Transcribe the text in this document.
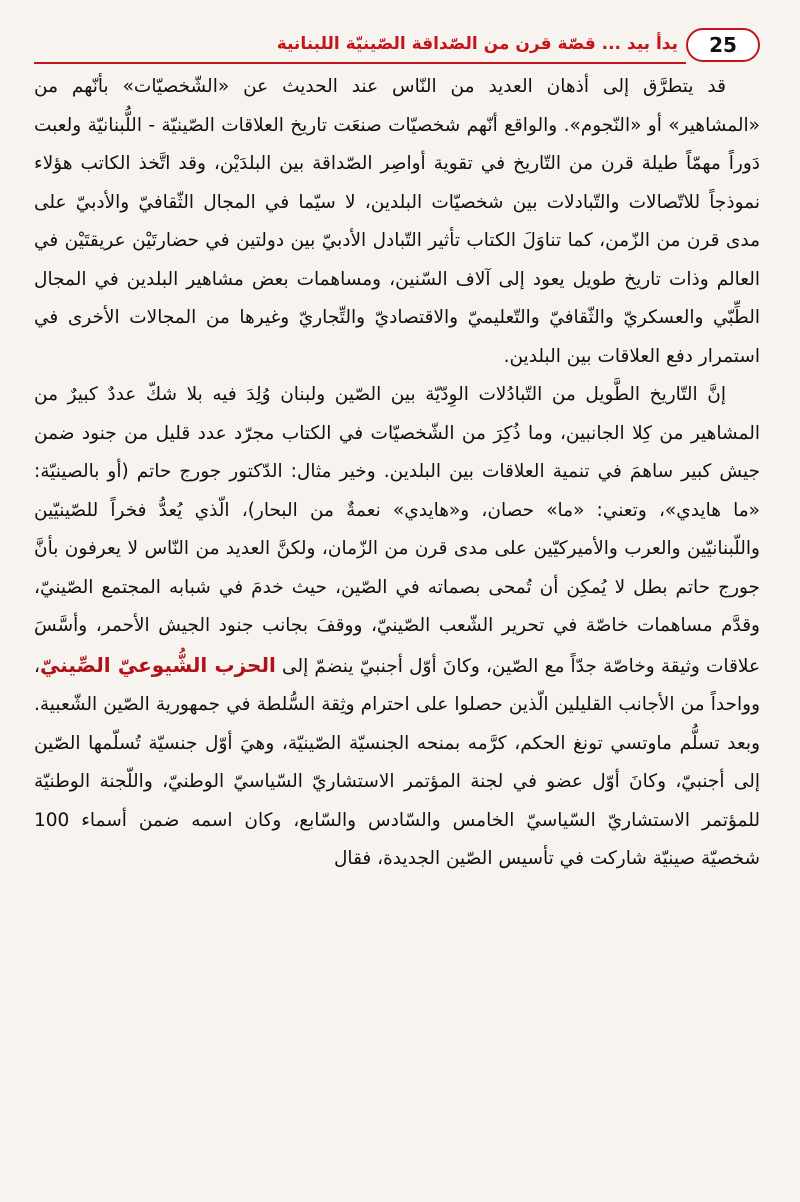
25
يدأ بيد ... قصّة قرن من الصّداقة الصّينيّة اللبنانية

قد يتطرَّق إلى أذهان العديد من النّاس عند الحديث عن «الشّخصيّات» بأنّهم من «المشاهير» أو «النّجوم». والواقع أنّهم شخصيّات صنعَت تاريخ العلاقات الصّينيّة - اللُّبنانيّة ولعبت دَوراً مهمّاً طيلة قرن من التّاريخ في تقوية أواصِر الصّداقة بين البلدَيْن، وقد اتَّخذ الكاتب هؤلاء نموذجاً للاتّصالات والتّبادلات بين شخصيّات البلدين، لا سيّما في المجال الثّقافيّ والأدبيّ على مدى قرن من الزّمن، كما تناوَلَ الكتاب تأثير التّبادل الأدبيّ بين دولتين في حضارتَيْن عريقتَيْن في العالم وذات تاريخ طويل يعود إلى آلاف السّنين، ومساهمات بعض مشاهير البلدين في المجال الطِّبّي والعسكريّ والثّقافيّ والتّعليميّ والاقتصاديّ والتِّجاريّ وغيرها من المجالات الأخرى في استمرار دفع العلاقات بين البلدين.

إنَّ التّاريخ الطَّويل من التّبادُلات الوِدّيّة بين الصّين ولبنان وُلِدَ فيه بلا شكّ عددٌ كبيرٌ من المشاهير من كِلا الجانبين، وما ذُكِرَ من الشّخصيّات في الكتاب مجرّد عدد قليل من جنود ضمن جيش كبير ساهمَ في تنمية العلاقات بين البلدين. وخير مثال: الدّكتور جورج حاتم (أو بالصينيّة: «ما هايدي»، وتعني: «ما» حصان، و«هايدي» نعمةٌ من البحار)، الّذي يُعدُّ فخراً للصّينيّين واللّبنانيّين والعرب والأميركيّين على مدى قرن من الزّمان، ولكنَّ العديد من النّاس لا يعرفون بأنَّ جورج حاتم بطل لا يُمكِن أن تُمحى بصماته في الصّين، حيث خدمَ في شبابه المجتمع الصّينيّ، وقدَّم مساهمات خاصّة في تحرير الشّعب الصّينيّ، ووقفَ بجانب جنود الجيش الأحمر، وأسَّسَ علاقات وثيقة وخاصّة جدّاً مع الصّين، وكانَ أوّل أجنبيّ ينضمّ إلى الحزب الشُّيوعيّ الصِّينيّ، وواحداً من الأجانب القليلين الّذين حصلوا على احترام وثِقة السُّلطة في جمهورية الصّين الشّعبية. وبعد تسلُّم ماوتسي تونغ الحكم، كرَّمه بمنحه الجنسيّة الصّينيّة، وهيَ أوّل جنسيّة تُسلّمها الصّين إلى أجنبيّ، وكانَ أوّل عضو في لجنة المؤتمر الاستشاريّ السّياسيّ الوطنيّ، واللّجنة الوطنيّة للمؤتمر الاستشاريّ السّياسيّ الخامس والسّادس والسّابع، وكان اسمه ضمن أسماء 100 شخصيّة صينيّة شاركت في تأسيس الصّين الجديدة، فقال
